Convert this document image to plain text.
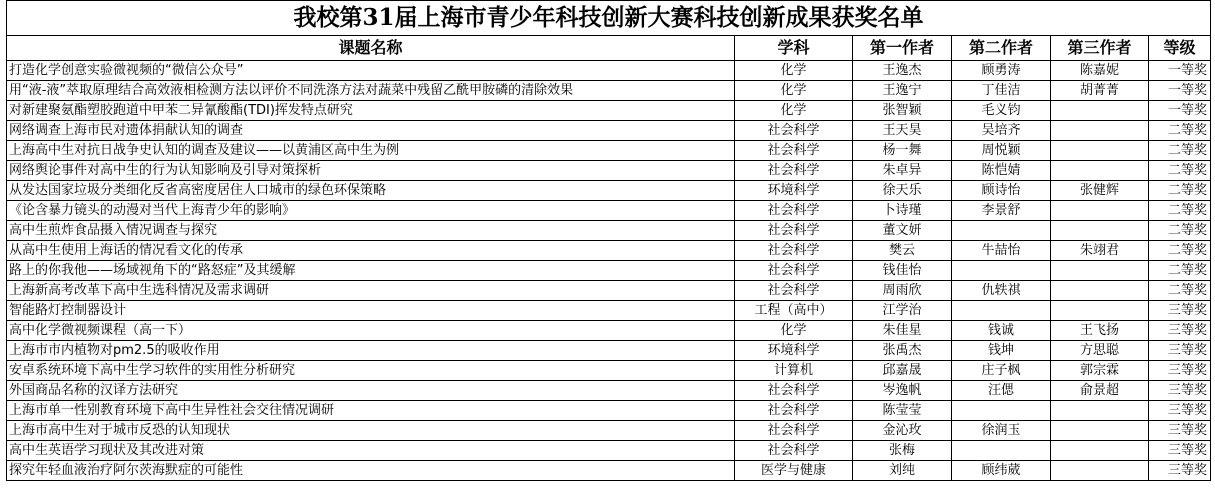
我校第31届上海市青少年科技创新大赛科技创新成果获奖名单					
课题名称	学科	第一作者	第二作者	第三作者	等级
打造化学创意实验微视频的“微信公众号”	化学	王逸杰	顾勇涛	陈嘉妮	一等奖
用“液-液”萃取原理结合高效液相检测方法以评价不同洗涤方法对蔬菜中残留乙酰甲胺磷的清除效果	化学	王逸宁	丁佳洁	胡菁菁	一等奖
对新建聚氨酯塑胶跑道中甲苯二异氰酸酯(TDI)挥发特点研究	化学	张智颖	毛义钧		一等奖
网络调查上海市民对遗体捐献认知的调查	社会科学	王天昊	吴培齐		二等奖
上海高中生对抗日战争史认知的调查及建议——以黄浦区高中生为例	社会科学	杨一舞	周悦颖		二等奖
网络舆论事件对高中生的行为认知影响及引导对策探析	社会科学	朱卓异	陈恺婧		二等奖
从发达国家垃圾分类细化反省高密度居住人口城市的绿色环保策略	环境科学	徐天乐	顾诗怡	张健辉	二等奖
《论含暴力镜头的动漫对当代上海青少年的影响》	社会科学	卜诗瑾	李景舒		二等奖
高中生煎炸食品摄入情况调查与探究	社会科学	董文妍			二等奖
从高中生使用上海话的情况看文化的传承	社会科学	樊云	牛喆怡	朱翊君	二等奖
路上的你我他——场域视角下的“路怒症”及其缓解	社会科学	钱佳怡			二等奖
上海新高考改革下高中生选科情况及需求调研	社会科学	周雨欣	仇轶祺		二等奖
智能路灯控制器设计	工程（高中）	江学治			三等奖
高中化学微视频课程（高一下）	化学	朱佳星	钱诚	王飞扬	三等奖
上海市市内植物对pm2.5的吸收作用	环境科学	张禹杰	钱坤	方思聪	三等奖
安卓系统环境下高中生学习软件的实用性分析研究	计算机	邱嘉晟	庄子枫	郭宗霖	三等奖
外国商品名称的汉译方法研究	社会科学	岑逸帆	汪偲	俞景超	三等奖
上海市单一性别教育环境下高中生异性社会交往情况调研	社会科学	陈莹莹			三等奖
上海市高中生对于城市反恐的认知现状	社会科学	金沁玫	徐润玉		三等奖
高中生英语学习现状及其改进对策	社会科学	张梅			三等奖
探究年轻血液治疗阿尔茨海默症的可能性	医学与健康	刘纯	顾纬葳		三等奖
